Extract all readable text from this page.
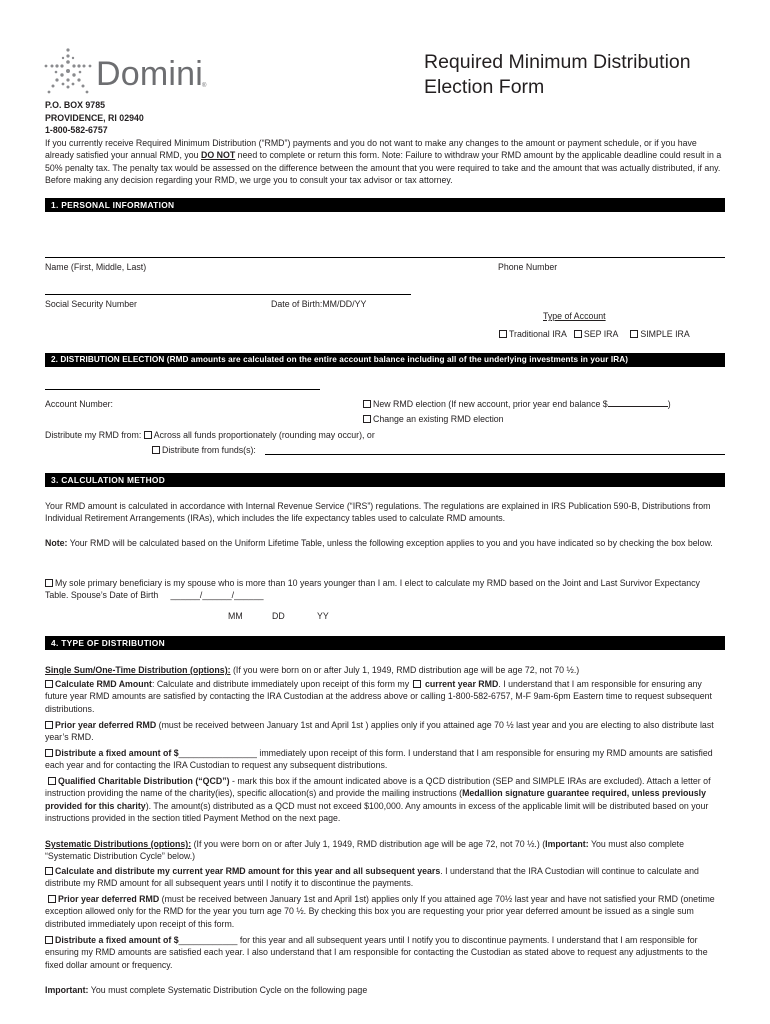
Domini
®
Required Minimum Distribution
Election Form
P.O. BOX 9785
PROVIDENCE, RI 02940
1-800-582-6757
If you currently receive Required Minimum Distribution (“RMD”) payments and you do not want to make any changes to the amount or payment schedule, or if you have already satisfied your annual RMD, you DO NOT need to complete or return this form. Note: Failure to withdraw your RMD amount by the applicable deadline could result in a 50% penalty tax. The penalty tax would be assessed on the difference between the amount that you were required to take and the amount that was actually distributed, if any. Before making any decision regarding your RMD, we urge you to consult your tax advisor or tax attorney.
1. PERSONAL INFORMATION
Name (First, Middle, Last)	Phone Number
Social Security Number	Date of Birth:MM/DD/YY
Type of Account
Traditional IRA SEP IRA	SIMPLE IRA
2. DISTRIBUTION ELECTION (RMD amounts are calculated on the entire account balance including all of the underlying investments in your IRA)
Account Number:	New RMD election (If new account, prior year end balance $	)
Change an existing RMD election
Distribute my RMD from: Across all funds proportionately (rounding may occur), or
Distribute from funds(s):
3. CALCULATION METHOD
Your RMD amount is calculated in accordance with Internal Revenue Service (“IRS”) regulations. The regulations are explained in IRS Publication 590-B, Distributions from Individual Retirement Arrangements (IRAs), which includes the life expectancy tables used to calculate RMD amounts.
Note: Your RMD will be calculated based on the Uniform Lifetime Table, unless the following exception applies to you and you have indicated so by checking the box below.
My sole primary beneficiary is my spouse who is more than 10 years younger than I am. I elect to calculate my RMD based on the Joint and Last Survivor Expectancy Table. Spouse’s Date of Birth ______/______/______
MM	DD	YY
4. TYPE OF DISTRIBUTION
Single Sum/One-Time Distribution (options): (If you were born on or after July 1, 1949, RMD distribution age will be age 72, not 70 ½.)
Calculate RMD Amount: Calculate and distribute immediately upon receipt of this form my  current year RMD. I understand that I am responsible for ensuring any future year RMD amounts are satisfied by contacting the IRA Custodian at the address above or calling 1-800-582-6757, M-F 9am-6pm Eastern time to request subsequent distributions.
Prior year deferred RMD (must be received between January 1st and April 1st ) applies only if you attained age 70 ½ last year and you are electing to also distribute last year’s RMD.
Distribute a fixed amount of $________________ immediately upon receipt of this form. I understand that I am responsible for ensuring my RMD amounts are satisfied each year and for contacting the IRA Custodian to request any subsequent distributions.
Qualified Charitable Distribution (“QCD”) - mark this box if the amount indicated above is a QCD distribution (SEP and SIMPLE IRAs are excluded). Attach a letter of instruction providing the name of the charity(ies), specific allocation(s) and provide the mailing instructions (Medallion signature guarantee required, unless previously provided for this charity). The amount(s) distributed as a QCD must not exceed $100,000. Any amounts in excess of the applicable limit will be distributed based on your instructions provided in the section titled Payment Method on the next page.
Systematic Distributions (options): (If you were born on or after July 1, 1949, RMD distribution age will be age 72, not 70 ½.) (Important: You must also complete “Systematic Distribution Cycle” below.)
Calculate and distribute my current year RMD amount for this year and all subsequent years. I understand that the IRA Custodian will continue to calculate and distribute my RMD amount for all subsequent years until I notify it to discontinue the payments.
Prior year deferred RMD (must be received between January 1st and April 1st) applies only If you attained age 70½ last year and have not satisfied your RMD (onetime exception allowed only for the RMD for the year you turn age 70 ½. By checking this box you are requesting your prior year deferred amount be issued as a single sum distributed immediately upon receipt of this form.
Distribute a fixed amount of $____________ for this year and all subsequent years until I notify you to discontinue payments. I understand that I am responsible for ensuring my RMD amounts are satisfied each year. I also understand that I am responsible for contacting the Custodian as stated above to request any adjustments to the fixed dollar amount or frequency.
Important: You must complete Systematic Distribution Cycle on the following page
